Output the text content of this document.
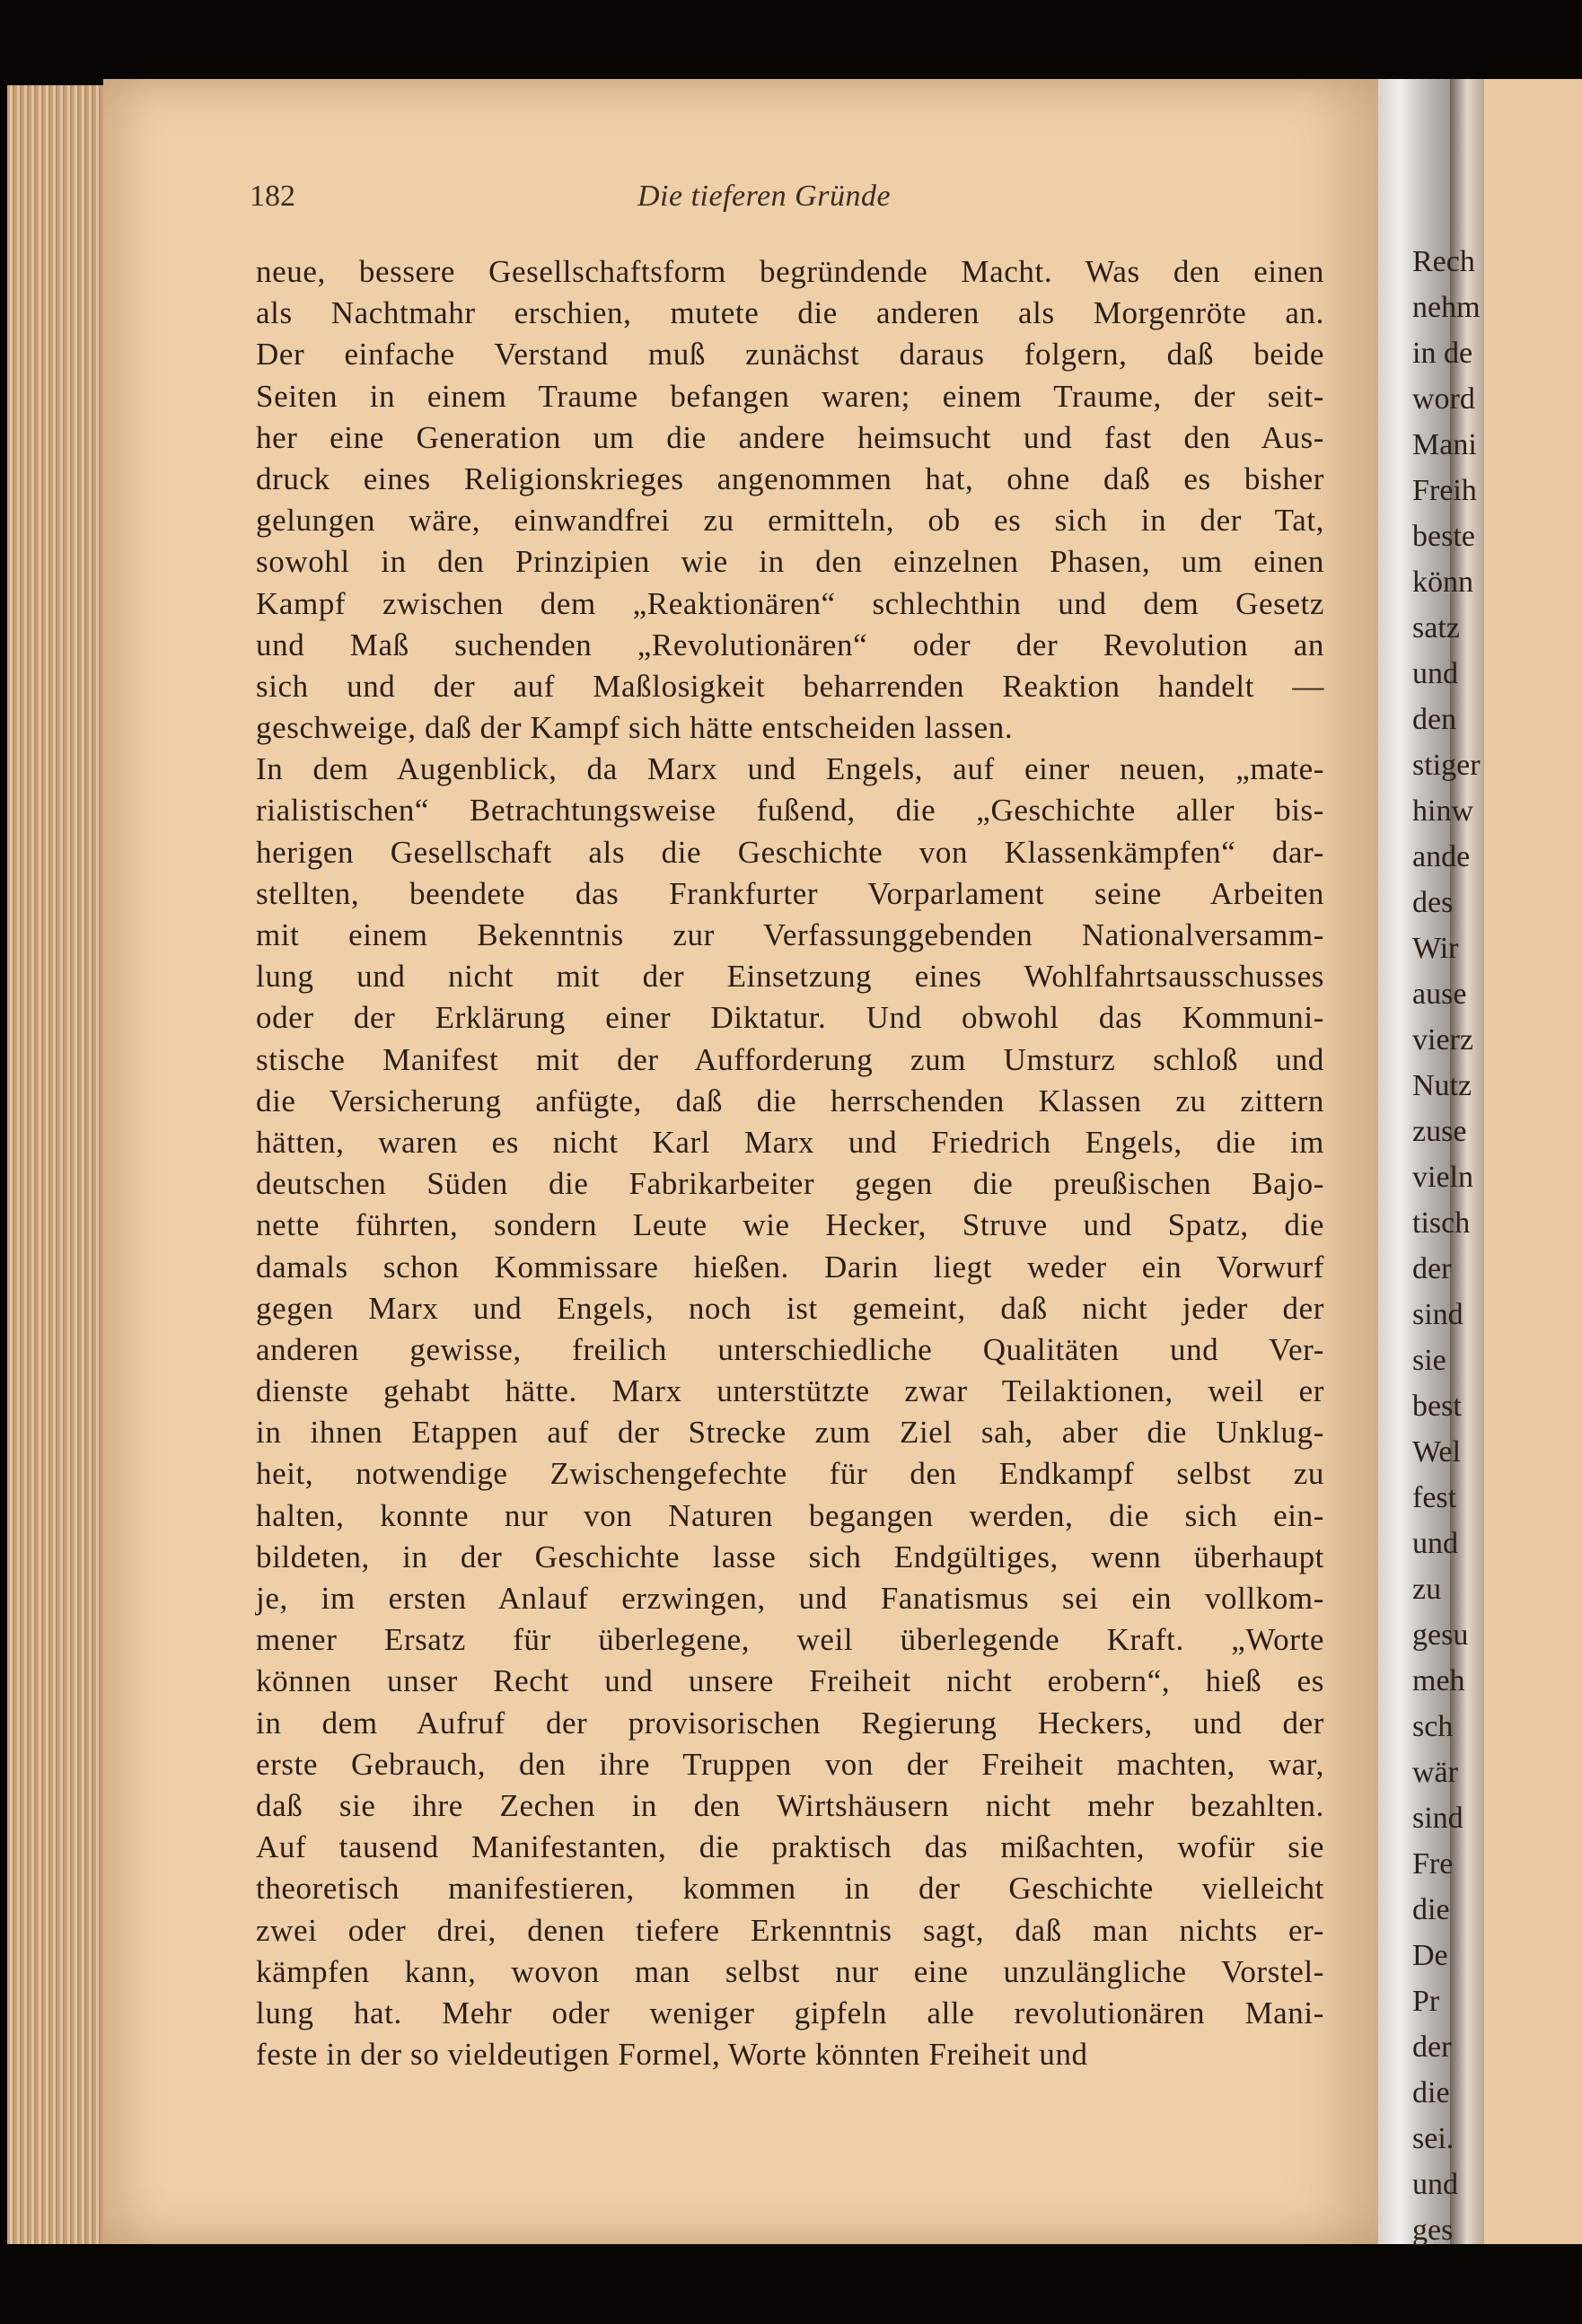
Rech
nehm
in de
word
Mani
Freih
beste
könn
satz
und
den
stiger
hinw
ande
des
Wir
ause
vierz
Nutz
zuse
vieln
tisch
der
sind
sie
best
Wel
fest
und
zu
gesu
meh
sch
wär
sind
Fre
die
De
Pr
der
die
sei.
und
ges
182	Die tieferen Gründe
neue, bessere Gesellschaftsform begründende Macht. Was den einen
als Nachtmahr erschien, mutete die anderen als Morgenröte an.
Der einfache Verstand muß zunächst daraus folgern, daß beide
Seiten in einem Traume befangen waren; einem Traume, der seit-
her eine Generation um die andere heimsucht und fast den Aus-
druck eines Religionskrieges angenommen hat, ohne daß es bisher
gelungen wäre, einwandfrei zu ermitteln, ob es sich in der Tat,
sowohl in den Prinzipien wie in den einzelnen Phasen, um einen
Kampf zwischen dem „Reaktionären“ schlechthin und dem Gesetz
und Maß suchenden „Revolutionären“ oder der Revolution an
sich und der auf Maßlosigkeit beharrenden Reaktion handelt —
geschweige, daß der Kampf sich hätte entscheiden lassen.
In dem Augenblick, da Marx und Engels, auf einer neuen, „mate-
rialistischen“ Betrachtungsweise fußend, die „Geschichte aller bis-
herigen Gesellschaft als die Geschichte von Klassenkämpfen“ dar-
stellten, beendete das Frankfurter Vorparlament seine Arbeiten
mit einem Bekenntnis zur Verfassunggebenden Nationalversamm-
lung und nicht mit der Einsetzung eines Wohlfahrtsausschusses
oder der Erklärung einer Diktatur. Und obwohl das Kommuni-
stische Manifest mit der Aufforderung zum Umsturz schloß und
die Versicherung anfügte, daß die herrschenden Klassen zu zittern
hätten, waren es nicht Karl Marx und Friedrich Engels, die im
deutschen Süden die Fabrikarbeiter gegen die preußischen Bajo-
nette führten, sondern Leute wie Hecker, Struve und Spatz, die
damals schon Kommissare hießen. Darin liegt weder ein Vorwurf
gegen Marx und Engels, noch ist gemeint, daß nicht jeder der
anderen gewisse, freilich unterschiedliche Qualitäten und Ver-
dienste gehabt hätte. Marx unterstützte zwar Teilaktionen, weil er
in ihnen Etappen auf der Strecke zum Ziel sah, aber die Unklug-
heit, notwendige Zwischengefechte für den Endkampf selbst zu
halten, konnte nur von Naturen begangen werden, die sich ein-
bildeten, in der Geschichte lasse sich Endgültiges, wenn überhaupt
je, im ersten Anlauf erzwingen, und Fanatismus sei ein vollkom-
mener Ersatz für überlegene, weil überlegende Kraft. „Worte
können unser Recht und unsere Freiheit nicht erobern“, hieß es
in dem Aufruf der provisorischen Regierung Heckers, und der
erste Gebrauch, den ihre Truppen von der Freiheit machten, war,
daß sie ihre Zechen in den Wirtshäusern nicht mehr bezahlten.
Auf tausend Manifestanten, die praktisch das mißachten, wofür sie
theoretisch manifestieren, kommen in der Geschichte vielleicht
zwei oder drei, denen tiefere Erkenntnis sagt, daß man nichts er-
kämpfen kann, wovon man selbst nur eine unzulängliche Vorstel-
lung hat. Mehr oder weniger gipfeln alle revolutionären Mani-
feste in der so vieldeutigen Formel, Worte könnten Freiheit und
